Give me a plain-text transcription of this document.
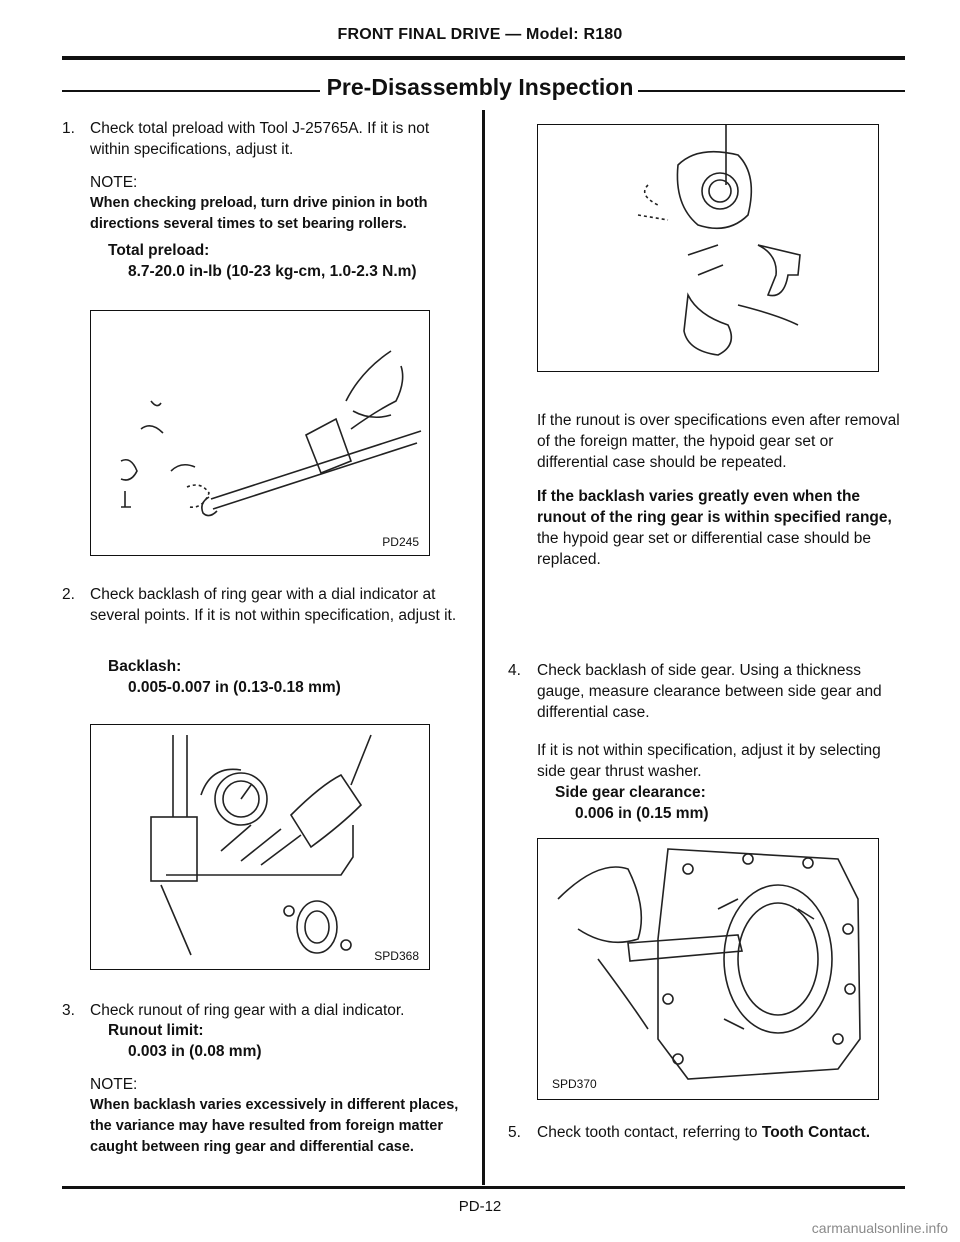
FRONT FINAL DRIVE — Model: R180
Pre-Disassembly Inspection
1. Check total preload with Tool J-25765A. If it is not within specifications, adjust it.
NOTE:
When checking preload, turn drive pinion in both directions several times to set bearing rollers.
Total preload:
8.7-20.0 in-lb (10-23 kg-cm, 1.0-2.3 N.m)
PD245
2. Check backlash of ring gear with a dial indicator at several points. If it is not within specification, adjust it.
Backlash:
0.005-0.007 in (0.13-0.18 mm)
SPD368
3. Check runout of ring gear with a dial indicator.
Runout limit:
0.003 in (0.08 mm)
NOTE:
When backlash varies excessively in different places, the variance may have resulted from foreign matter caught between ring gear and differential case.
If the runout is over specifications even after removal of the foreign matter, the hypoid gear set or differential case should be repeated.
If the backlash varies greatly even when the runout of the ring gear is within specified range, the hypoid gear set or differential case should be replaced.
4. Check backlash of side gear. Using a thickness gauge, measure clearance between side gear and differential case.
If it is not within specification, adjust it by selecting side gear thrust washer.
Side gear clearance:
0.006 in (0.15 mm)
SPD370
5. Check tooth contact, referring to Tooth Contact.
PD-12
carmanualsonline.info
